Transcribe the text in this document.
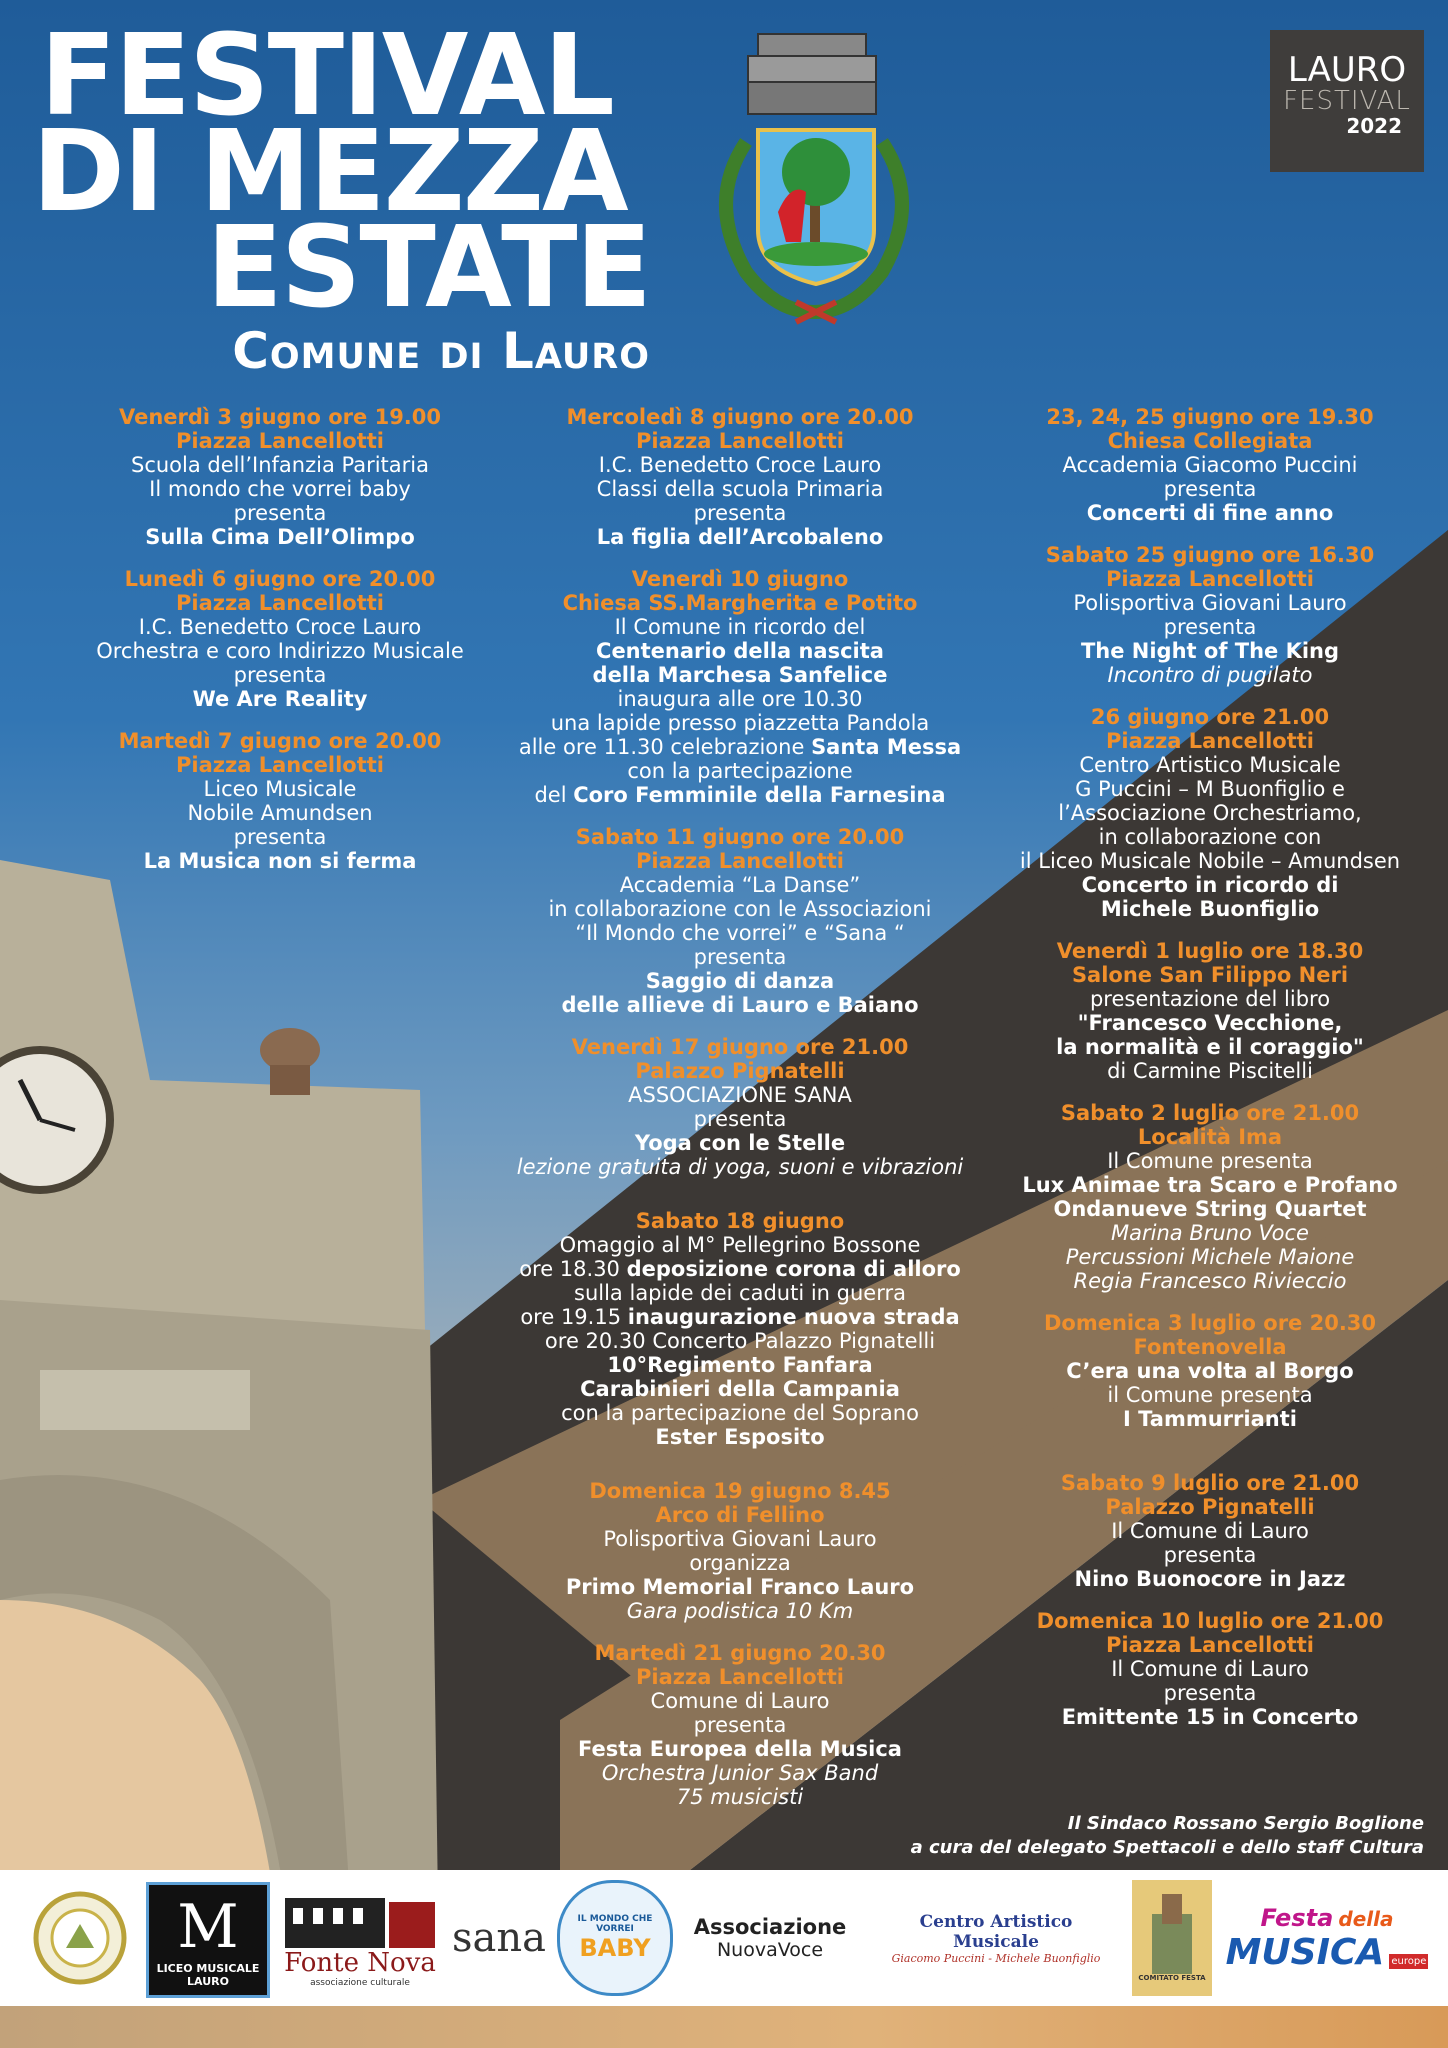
FESTIVAL
DI MEZZA
ESTATE
Comune di Lauro
LAURO
FESTIVAL
2022

Venerdì 3 giugno ore 19.00

Piazza Lancellotti

Scuola dell’Infanzia Paritaria

Il mondo che vorrei baby

presenta

Sulla Cima Dell’Olimpo

Lunedì 6 giugno ore 20.00

Piazza Lancellotti

I.C. Benedetto Croce Lauro

Orchestra e coro Indirizzo Musicale

presenta

We Are Reality

Martedì 7 giugno ore 20.00

Piazza Lancellotti

Liceo Musicale

Nobile Amundsen

presenta

La Musica non si ferma

Mercoledì 8 giugno ore 20.00

Piazza Lancellotti

I.C. Benedetto Croce Lauro

Classi della scuola Primaria

presenta

La figlia dell’Arcobaleno

Venerdì 10 giugno

Chiesa SS.Margherita e Potito

Il Comune in ricordo del

Centenario della nascita

della Marchesa Sanfelice

inaugura alle ore 10.30

una lapide presso piazzetta Pandola

alle ore 11.30 celebrazione Santa Messa

con la partecipazione

del Coro Femminile della Farnesina

Sabato 11 giugno ore 20.00

Piazza Lancellotti

Accademia “La Danse”

in collaborazione con le Associazioni

“Il Mondo che vorrei” e “Sana “

presenta

Saggio di danza

delle allieve di Lauro e Baiano

Venerdì 17 giugno ore 21.00

Palazzo Pignatelli

ASSOCIAZIONE SANA

presenta

Yoga con le Stelle

lezione gratuita di yoga, suoni e vibrazioni

Sabato 18 giugno

Omaggio al M° Pellegrino Bossone

ore 18.30 deposizione corona di alloro

sulla lapide dei caduti in guerra

ore 19.15 inaugurazione nuova strada

ore 20.30 Concerto Palazzo Pignatelli

10°Regimento Fanfara

Carabinieri della Campania

con la partecipazione del Soprano

Ester Esposito

Domenica 19 giugno 8.45

Arco di Fellino

Polisportiva Giovani Lauro

organizza

Primo Memorial Franco Lauro

Gara podistica 10 Km

Martedì 21 giugno 20.30

Piazza Lancellotti

Comune di Lauro

presenta

Festa Europea della Musica

Orchestra Junior Sax Band

75 musicisti

23, 24, 25 giugno ore 19.30

Chiesa Collegiata

Accademia Giacomo Puccini

presenta

Concerti di fine anno

Sabato 25 giugno ore 16.30

Piazza Lancellotti

Polisportiva Giovani Lauro

presenta

The Night of The King

Incontro di pugilato

26 giugno ore 21.00

Piazza Lancellotti

Centro Artistico Musicale

G Puccini – M Buonfiglio e

l’Associazione Orchestriamo,

in collaborazione con

il Liceo Musicale Nobile – Amundsen

Concerto in ricordo di

Michele Buonfiglio

Venerdì 1 luglio ore 18.30

Salone San Filippo Neri

presentazione del libro

"Francesco Vecchione,

la normalità e il coraggio"

di Carmine Piscitelli

Sabato 2 luglio ore 21.00

Località Ima

Il Comune presenta

Lux Animae tra Scaro e Profano

Ondanueve String Quartet

Marina Bruno Voce

Percussioni Michele Maione

Regia Francesco Rivieccio

Domenica 3 luglio ore 20.30

Fontenovella

C’era una volta al Borgo

il Comune presenta

I Tammurrianti

Sabato 9 luglio ore 21.00

Palazzo Pignatelli

Il Comune di Lauro

presenta

Nino Buonocore in Jazz

Domenica 10 luglio ore 21.00

Piazza Lancellotti

Il Comune di Lauro

presenta

Emittente 15 in Concerto

Il Sindaco Rossano Sergio Boglione

a cura del delegato Spettacoli e dello staff Cultura

M
LICEO MUSICALE LAURO
Fonte Nova
associazione culturale
sana	IL MONDO CHE VORREI
BABY
Associazione
NuovaVoce
Centro Artistico Musicale
Giacomo Puccini - Michele Buonfiglio
COMITATO FESTA
Festa della
MUSICA europe
